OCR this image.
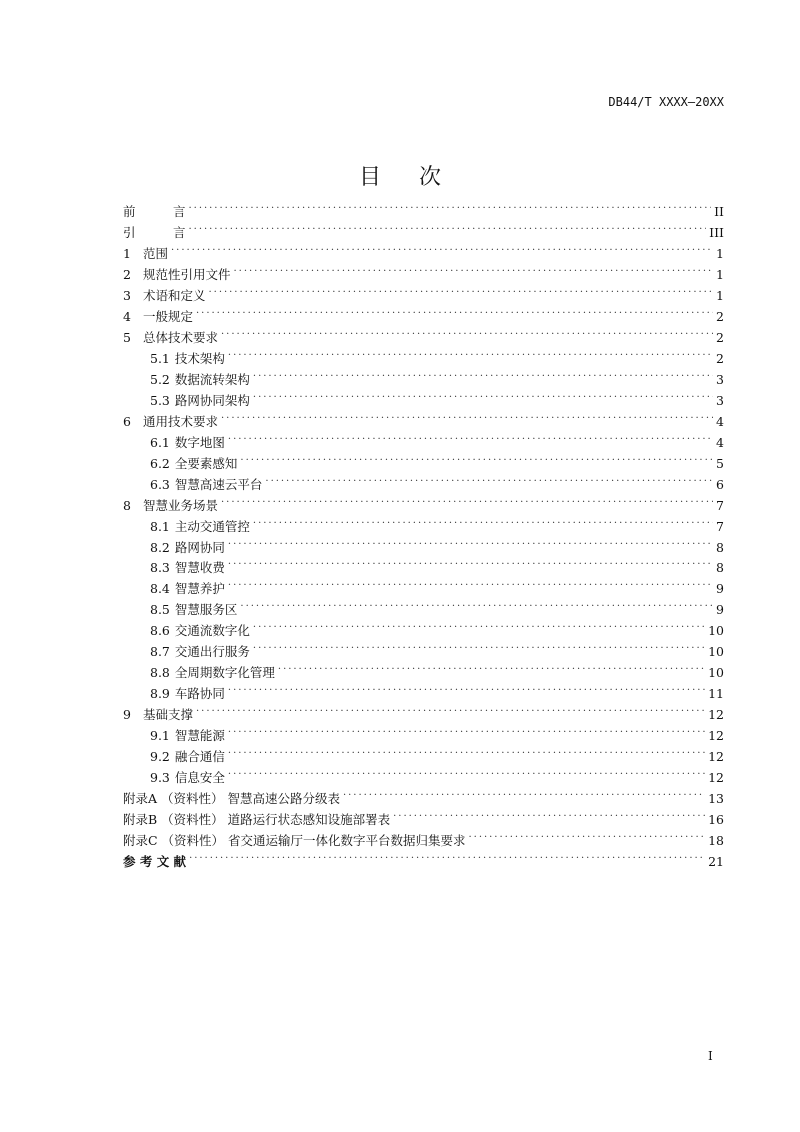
DB44/T XXXX—20XX
目 次
前　　　言 . . .	II
引　　　言 . . .	III
1 范围 . . .	1
2 规范性引用文件 . . .	1
3 术语和定义 . . .	1
4 一般规定 . . .	2
5 总体技术要求 . . .	2
5.1 技术架构 . . .	2
5.2 数据流转架构 . . .	3
5.3 路网协同架构 . . .	3
6 通用技术要求 . . .	4
6.1 数字地图 . . .	4
6.2 全要素感知 . . .	5
6.3 智慧高速云平台 . . .	6
8 智慧业务场景 . . .	7
8.1 主动交通管控 . . .	7
8.2 路网协同 . . .	8
8.3 智慧收费 . . .	8
8.4 智慧养护 . . .	9
8.5 智慧服务区 . . .	9
8.6 交通流数字化 . . .	10
8.7 交通出行服务 . . .	10
8.8 全周期数字化管理 . . .	10
8.9 车路协同 . . .	11
9 基础支撑 . . .	12
9.1 智慧能源 . . .	12
9.2 融合通信 . . .	12
9.3 信息安全 . . .	12
附录A （资料性） 智慧高速公路分级表 . . .	13
附录B （资料性） 道路运行状态感知设施部署表 . . .	16
附录C （资料性） 省交通运输厅一体化数字平台数据归集要求 . . .	18
参 考 文 献 . . .	21
I
